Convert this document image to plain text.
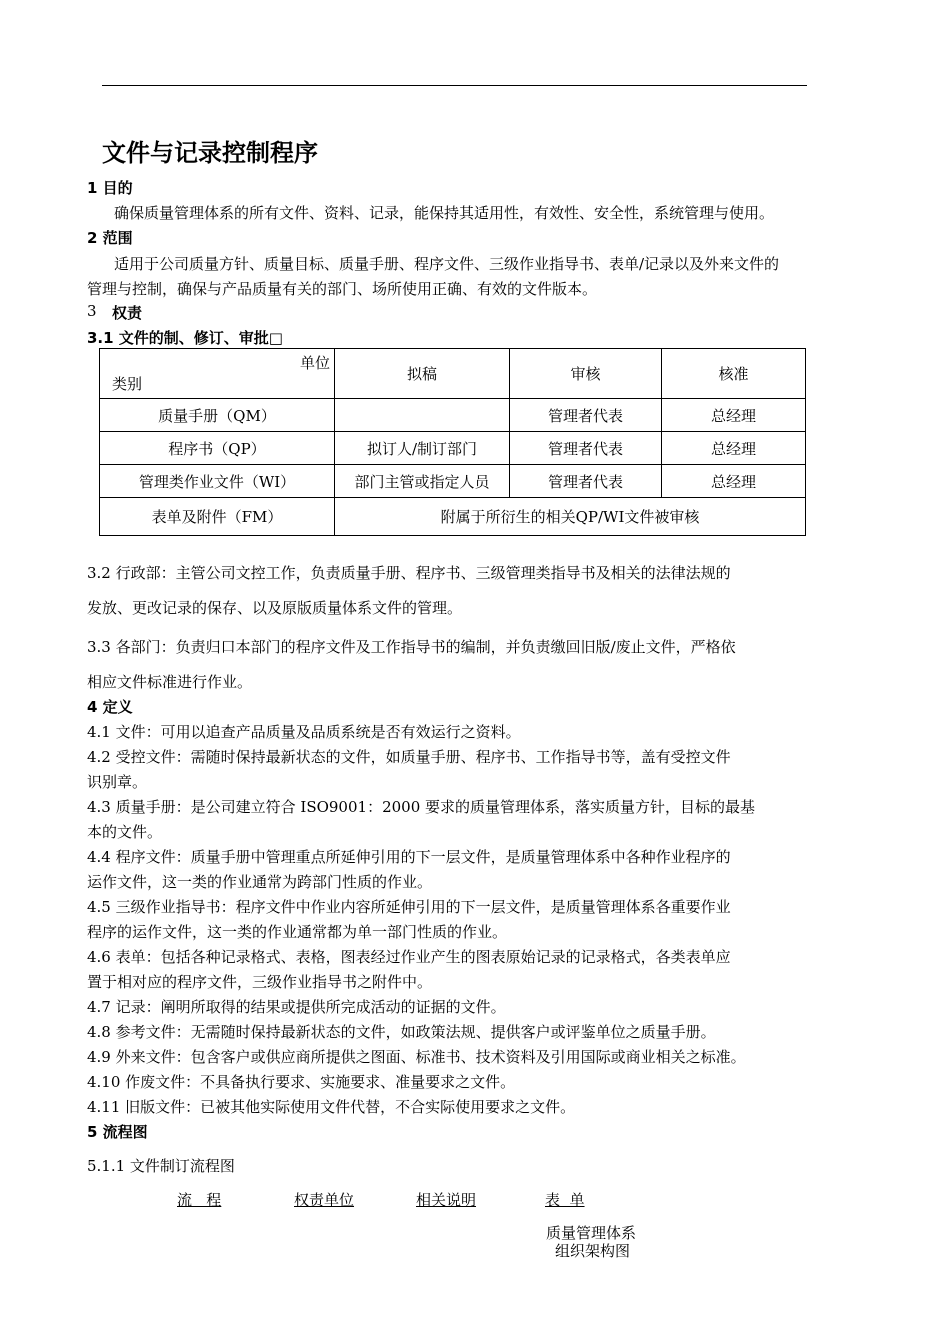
文件与记录控制程序
1 目的
确保质量管理体系的所有文件、资料、记录，能保持其适用性，有效性、安全性，系统管理与使用。
2 范围
适用于公司质量方针、质量目标、质量手册、程序文件、三级作业指导书、表单/记录以及外来文件的
管理与控制，确保与产品质量有关的部门、场所使用正确、有效的文件版本。
3 权责
3.1 文件的制、修订、审批□
单位
类别	拟稿	审核	核准
质量手册（QM）		管理者代表	总经理
程序书（QP）	拟订人/制订部门	管理者代表	总经理
管理类作业文件（WI）	部门主管或指定人员	管理者代表	总经理
表单及附件（FM）	附属于所衍生的相关QP/WI文件被审核		
3.2 行政部：主管公司文控工作，负责质量手册、程序书、三级管理类指导书及相关的法律法规的
发放、更改记录的保存、以及原版质量体系文件的管理。
3.3 各部门：负责归口本部门的程序文件及工作指导书的编制，并负责缴回旧版/废止文件，严格依
相应文件标准进行作业。
4 定义
4.1 文件：可用以追查产品质量及品质系统是否有效运行之资料。
4.2 受控文件：需随时保持最新状态的文件，如质量手册、程序书、工作指导书等，盖有受控文件
识别章。
4.3 质量手册：是公司建立符合 ISO9001：2000 要求的质量管理体系，落实质量方针，目标的最基
本的文件。
4.4 程序文件：质量手册中管理重点所延伸引用的下一层文件，是质量管理体系中各种作业程序的
运作文件，这一类的作业通常为跨部门性质的作业。
4.5 三级作业指导书：程序文件中作业内容所延伸引用的下一层文件，是质量管理体系各重要作业
程序的运作文件，这一类的作业通常都为单一部门性质的作业。
4.6 表单：包括各种记录格式、表格，图表经过作业产生的图表原始记录的记录格式，各类表单应
置于相对应的程序文件，三级作业指导书之附件中。
4.7 记录：阐明所取得的结果或提供所完成活动的证据的文件。
4.8 参考文件：无需随时保持最新状态的文件，如政策法规、提供客户或评鉴单位之质量手册。
4.9 外来文件：包含客户或供应商所提供之图面、标准书、技术资料及引用国际或商业相关之标准。
4.10 作废文件：不具备执行要求、实施要求、准量要求之文件。
4.11 旧版文件：已被其他实际使用文件代替，不合实际使用要求之文件。
5 流程图
5.1.1 文件制订流程图
流   程	权责单位	相关说明	表  单
质量管理体系
组织架构图
